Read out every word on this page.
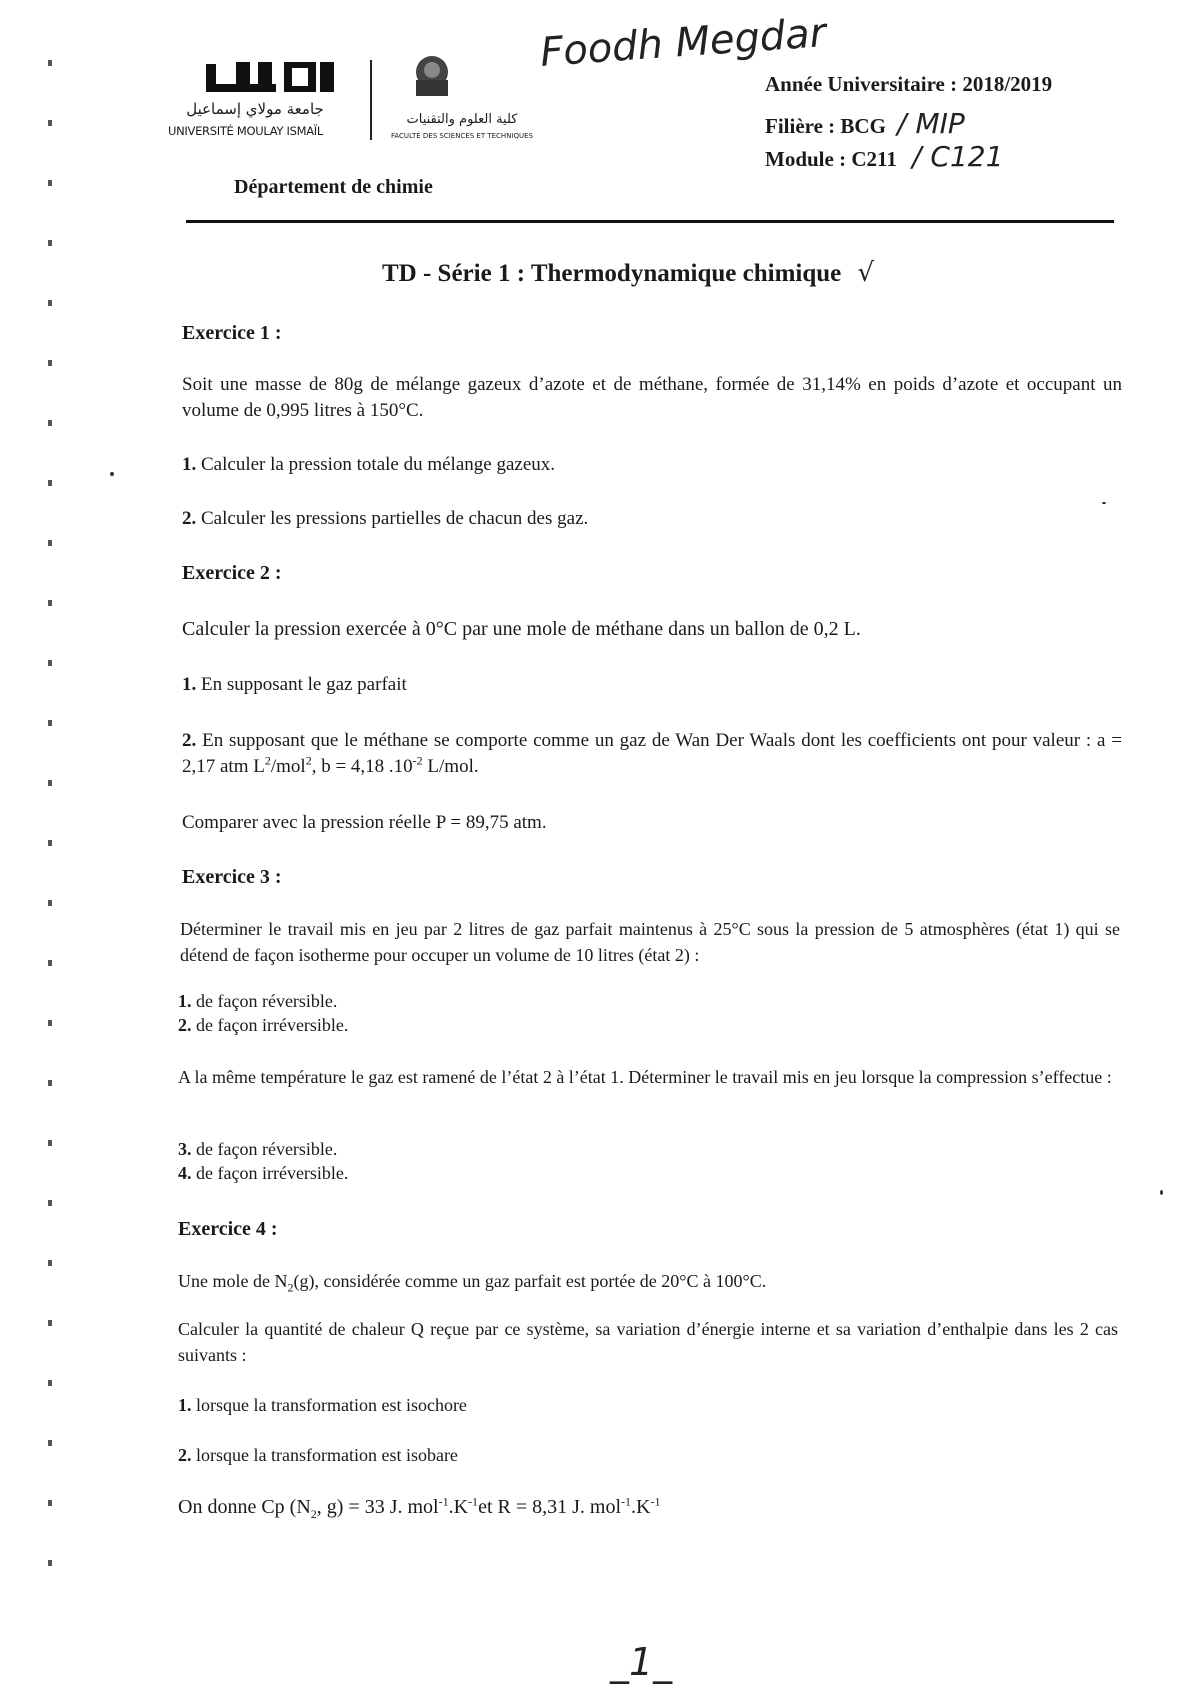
Foodh Megdar
جامعة مولاي إسماعيل
UNIVERSITÉ MOULAY ISMAÏL
كلية العلوم والتقنيات
FACULTÉ DES SCIENCES ET TECHNIQUES
Année Universitaire : 2018/2019
Filière : BCG / MIP
Module : C211 / C121
Département de chimie
TD - Série 1 : Thermodynamique chimique √
Exercice 1 :
Soit une masse de 80g de mélange gazeux d’azote et de méthane, formée de 31,14% en poids d’azote et occupant un volume de 0,995 litres à 150°C.
1. Calculer la pression totale du mélange gazeux.
2. Calculer les pressions partielles de chacun des gaz.
Exercice 2 :
Calculer la pression exercée à 0°C par une mole de méthane dans un ballon de 0,2 L.
1. En supposant le gaz parfait
2. En supposant que le méthane se comporte comme un gaz de Wan Der Waals dont les coefficients ont pour valeur : a = 2,17 atm $L^2/mol^2$, b = 4,18 $.10^{-2}$ L/mol.
Comparer avec la pression réelle P = 89,75 atm.
Exercice 3 :
Déterminer le travail mis en jeu par 2 litres de gaz parfait maintenus à 25°C sous la pression de 5 atmosphères (état 1) qui se détend de façon isotherme pour occuper un volume de 10 litres (état 2) :
1. de façon réversible.
2. de façon irréversible.
A la même température le gaz est ramené de l’état 2 à l’état 1. Déterminer le travail mis en jeu lorsque la compression s’effectue :
3. de façon réversible.
4. de façon irréversible.
Exercice 4 :
Une mole de $N_2(g)$, considérée comme un gaz parfait est portée de 20°C à 100°C.
Calculer la quantité de chaleur Q reçue par ce système, sa variation d’énergie interne et sa variation d’enthalpie dans les 2 cas suivants :
1. lorsque la transformation est isochore
2. lorsque la transformation est isobare
On donne Cp ($N_2$, g) = 33 J. $mol^{-1}.K^{-1}et$ R = 8,31 J. $mol^{-1}.K^{-1}$
_1_
